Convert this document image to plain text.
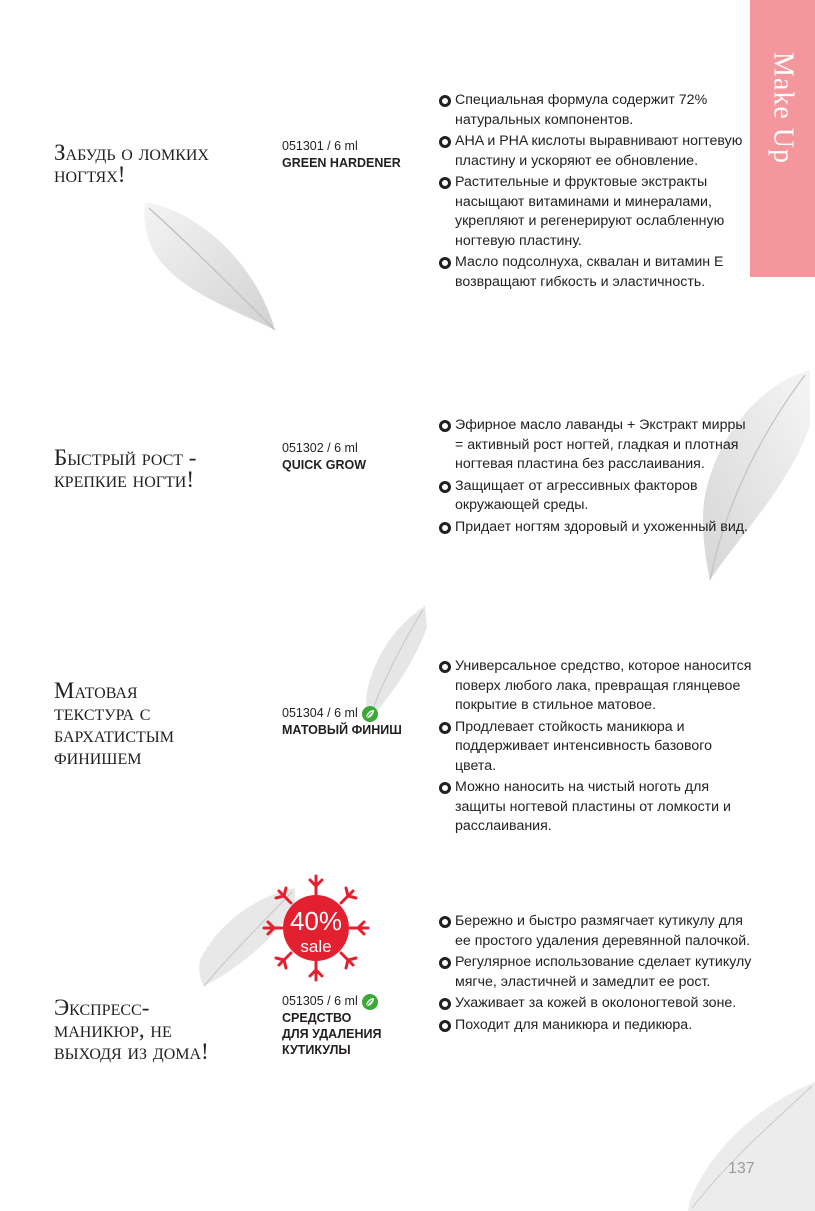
Make Up
Забудь о ломких
ногтях!
051301 / 6 ml
GREEN HARDENER
Специальная формула содержит 72% натуральных компонентов.
AHA и PHA кислоты выравнивают ногтевую пластину и ускоряют ее обновление.
Растительные и фруктовые экстракты насыщают витаминами и минералами, укрепляют и регенерируют ослабленную ногтевую пластину.
Масло подсолнуха, сквалан и витамин Е возвращают гибкость и эластичность.
Быстрый рост -
крепкие ногти!
051302 / 6 ml
QUICK GROW
Эфирное масло лаванды + Экстракт мирры = активный рост ногтей, гладкая и плотная ногтевая пластина без расслаивания.
Защищает от агрессивных факторов окружающей среды.
Придает ногтям здоровый и ухоженный вид.
Матовая
текстура с
бархатистым
финишем
051304 / 6 ml
МАТОВЫЙ ФИНИШ
Универсальное средство, которое наносится поверх любого лака, превращая глянцевое покрытие в стильное матовое.
Продлевает стойкость маникюра и поддерживает интенсивность базового цвета.
Можно наносить на чистый ноготь для защиты ногтевой пластины от ломкости и расслаивания.
40%
sale
Экспресс-
маникюр, не
выходя из дома!
051305 / 6 ml
СРЕДСТВО
ДЛЯ УДАЛЕНИЯ
КУТИКУЛЫ
Бережно и быстро размягчает кутикулу для ее простого удаления деревянной палочкой.
Регулярное использование сделает кутикулу мягче, эластичней и замедлит ее рост.
Ухаживает за кожей в околоногтевой зоне.
Походит для маникюра и педикюра.
137
